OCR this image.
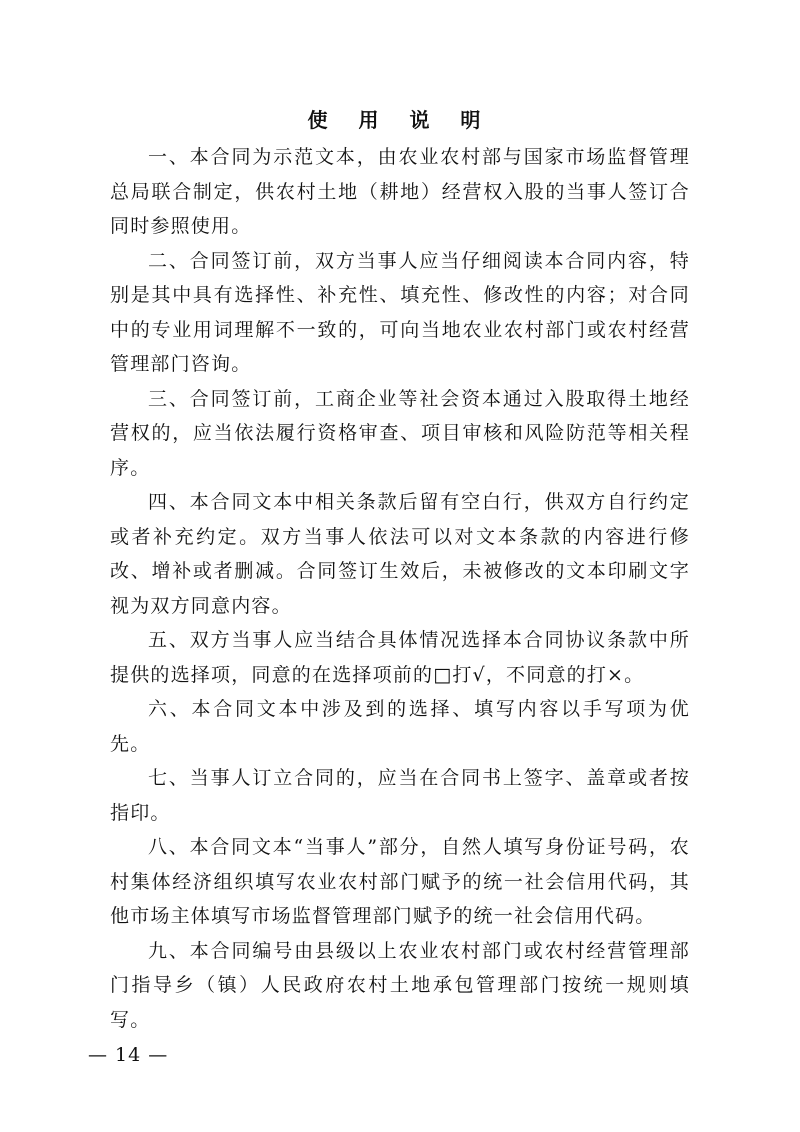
使 用 说 明

一、本合同为示范文本，由农业农村部与国家市场监督管理总局联合制定，供农村土地（耕地）经营权入股的当事人签订合同时参照使用。

二、合同签订前，双方当事人应当仔细阅读本合同内容，特别是其中具有选择性、补充性、填充性、修改性的内容；对合同中的专业用词理解不一致的，可向当地农业农村部门或农村经营管理部门咨询。

三、合同签订前，工商企业等社会资本通过入股取得土地经营权的，应当依法履行资格审查、项目审核和风险防范等相关程序。

四、本合同文本中相关条款后留有空白行，供双方自行约定或者补充约定。双方当事人依法可以对文本条款的内容进行修改、增补或者删减。合同签订生效后，未被修改的文本印刷文字视为双方同意内容。

五、双方当事人应当结合具体情况选择本合同协议条款中所提供的选择项，同意的在选择项前的□打√，不同意的打×。

六、本合同文本中涉及到的选择、填写内容以手写项为优先。

七、当事人订立合同的，应当在合同书上签字、盖章或者按指印。

八、本合同文本“当事人”部分，自然人填写身份证号码，农村集体经济组织填写农业农村部门赋予的统一社会信用代码，其他市场主体填写市场监督管理部门赋予的统一社会信用代码。

九、本合同编号由县级以上农业农村部门或农村经营管理部门指导乡（镇）人民政府农村土地承包管理部门按统一规则填写。

— 14 —
